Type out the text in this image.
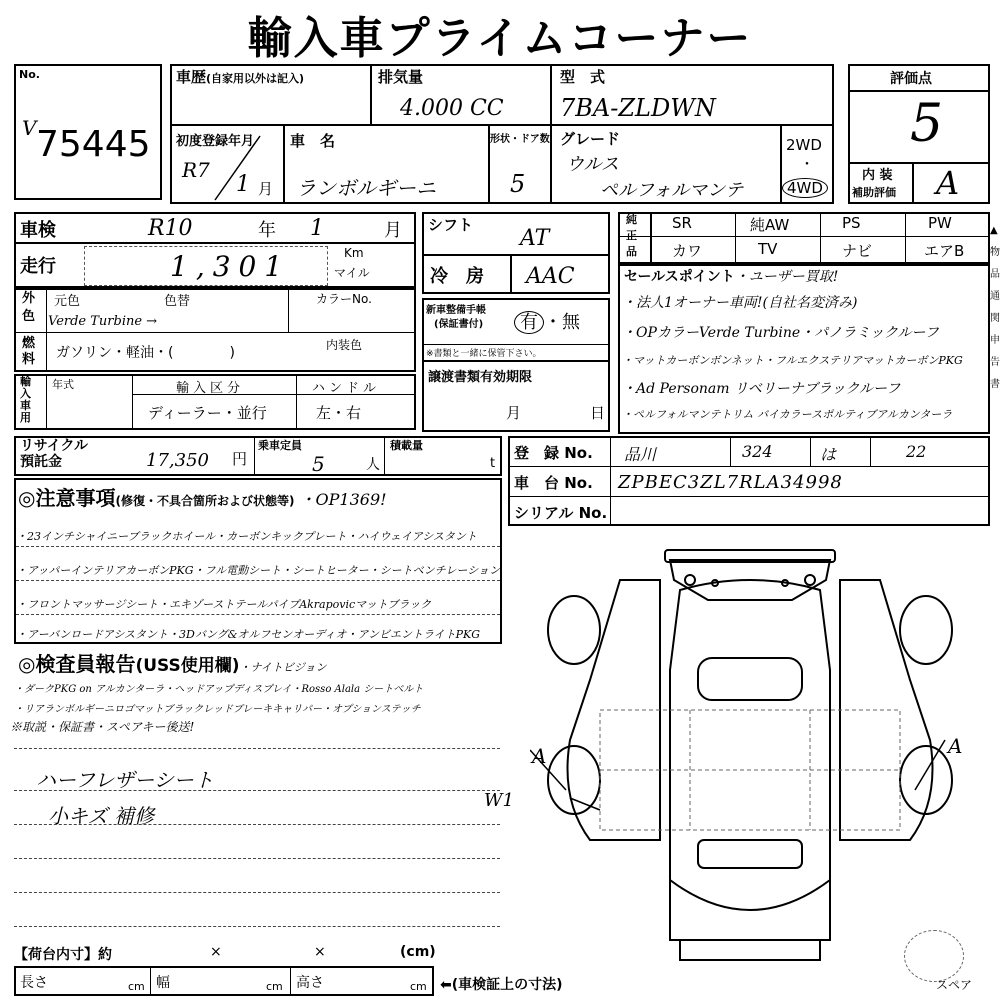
輸入車プライムコーナー
No.
V 75445
車歴(自家用以外は記入)	排気量
4.000 CC
型　式
7BA-ZLDWN
初度登録年月
R7
1 月
車　名
ランボルギーニ
形状・ドア数
5
グレード
ウルス
ペルフォルマンテ
2WD
・
4WD
評価点
5
内 装
補助評価 A
車検	R10	年 1	月
走行	1,301	Km
マイル
シフト
AT
冷　房 AAC
純
正
品
SR	純AW	PS	PW
カワ	TV	ナビ	エアB
セールスポイント・ユーザー買取!
・法人1オーナー車両!(自社名変済み)
・OPカラーVerde Turbine・パノラミックルーフ
・マットカーボンボンネット・フルエクステリアマットカーボンPKG
・Ad Personam リベリーナブラックルーフ
・ペルフォルマンテトリム バイカラースポルティブアルカンターラ
外
色
元色	色替
Verde Turbine →
カラーNo.
燃
料 ガソリン・軽油・(　　　　)	内装色
輸入車用
年式	輸入区分
ディーラー・並行
ハンドル
左・右
新車整備手帳
(保証書付)	有 ・無
※書類と一緒に保管下さい。
譲渡書類有効期限
月	日
リサイクル
預託金	17,350 円
乗車定員
5	人
積載量
t
登　録 No. 品川	324	は	22
車　台 No. ZPBEC3ZL7RLA34998
シリアル No.
◎注意事項(修復・不具合箇所および状態等) ・OP1369!
・23インチシャイニーブラックホイール・カーボンキックプレート・ハイウェイアシスタント
・アッパーインテリアカーボンPKG・フル電動シート・シートヒーター・シートベンチレーション
・フロントマッサージシート・エキゾーストテールパイプAkrapovicマットブラック
・アーバンロードアシスタント・3Dバング&オルフセンオーディオ・アンビエントライトPKG
◎検査員報告(USS使用欄)・ナイトビジョン
・ダークPKG on アルカンターラ・ヘッドアップディスプレイ・Rosso Alala シートベルト
・リアランボルギーニロゴマットブラックレッドブレーキキャリパー・オプションステッチ
※取説・保証書・スペアキー後送!
ハーフレザーシート
小キズ 補修
A	A
W1
【荷台内寸】約	×	×	(cm)
長さ	cm 幅	cm 高さ	cm ⬅(車検証上の寸法)	スペア
▲物品通関申告書
